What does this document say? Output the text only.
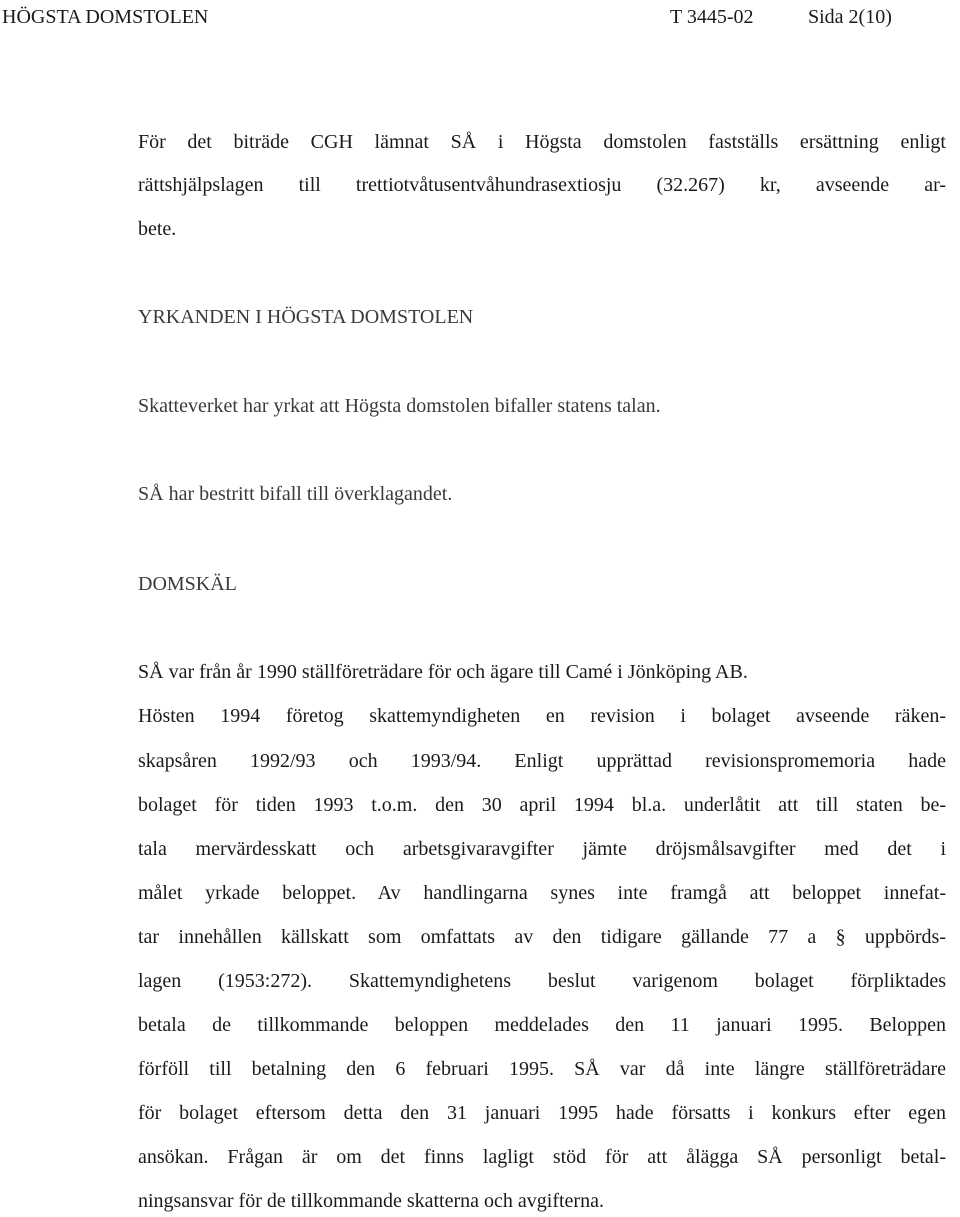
HÖGSTA DOMSTOLEN	T 3445-02	Sida 2(10)
För det biträde CGH lämnat SÅ i Högsta domstolen fastställs ersättning enligt
rättshjälpslagen till trettiotvåtusentvåhundrasextiosju (32.267) kr, avseende ar-
bete.
YRKANDEN I HÖGSTA DOMSTOLEN
Skatteverket har yrkat att Högsta domstolen bifaller statens talan.
SÅ har bestritt bifall till överklagandet.
DOMSKÄL
SÅ var från år 1990 ställföreträdare för och ägare till Camé i Jönköping AB.
Hösten 1994 företog skattemyndigheten en revision i bolaget avseende räken-
skapsåren 1992/93 och 1993/94. Enligt upprättad revisionspromemoria hade
bolaget för tiden 1993 t.o.m. den 30 april 1994 bl.a. underlåtit att till staten be-
tala mervärdesskatt och arbetsgivaravgifter jämte dröjsmålsavgifter med det i
målet yrkade beloppet. Av handlingarna synes inte framgå att beloppet innefat-
tar innehållen källskatt som omfattats av den tidigare gällande 77 a § uppbörds-
lagen (1953:272). Skattemyndighetens beslut varigenom bolaget förpliktades
betala de tillkommande beloppen meddelades den 11 januari 1995. Beloppen
förföll till betalning den 6 februari 1995. SÅ var då inte längre ställföreträdare
för bolaget eftersom detta den 31 januari 1995 hade försatts i konkurs efter egen
ansökan. Frågan är om det finns lagligt stöd för att ålägga SÅ personligt betal-
ningsansvar för de tillkommande skatterna och avgifterna.
